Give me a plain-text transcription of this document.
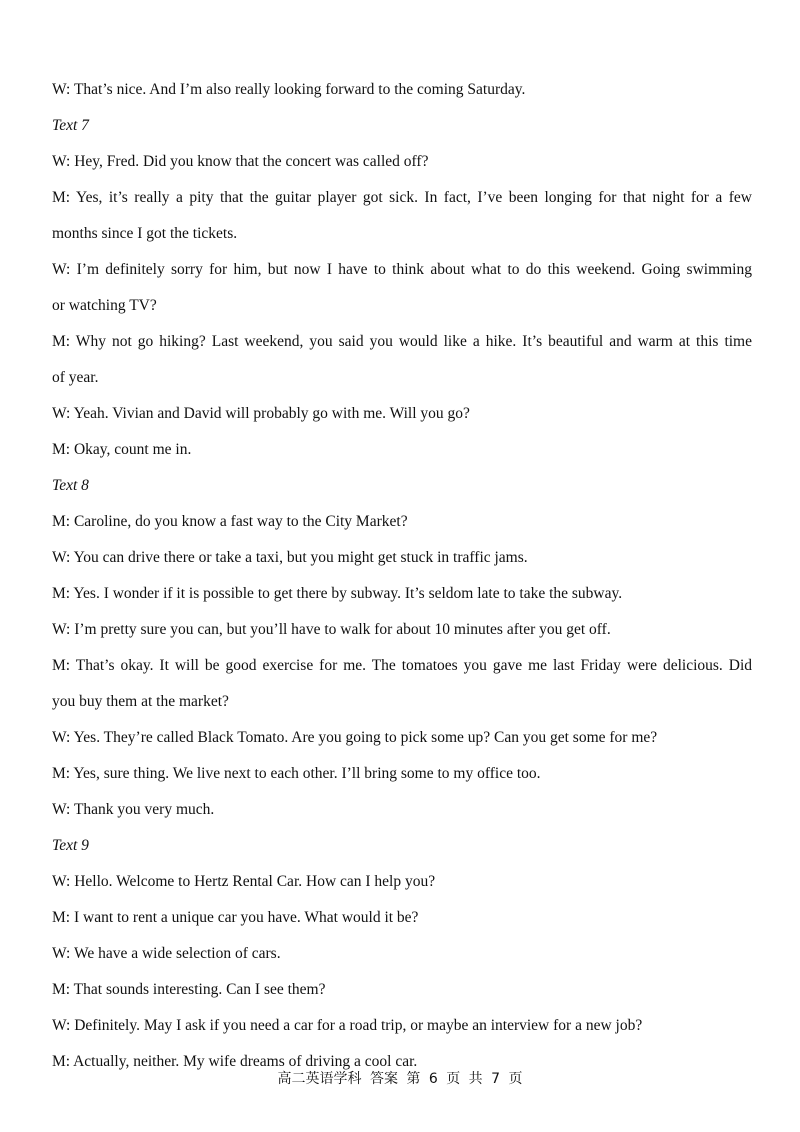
W: That’s nice. And I’m also really looking forward to the coming Saturday.
Text 7
W: Hey, Fred. Did you know that the concert was called off?
M: Yes, it’s really a pity that the guitar player got sick. In fact, I’ve been longing for that night for a few
months since I got the tickets.
W: I’m definitely sorry for him, but now I have to think about what to do this weekend. Going swimming
or watching TV?
M: Why not go hiking? Last weekend, you said you would like a hike. It’s beautiful and warm at this time
of year.
W: Yeah. Vivian and David will probably go with me. Will you go?
M: Okay, count me in.
Text 8
M: Caroline, do you know a fast way to the City Market?
W: You can drive there or take a taxi, but you might get stuck in traffic jams.
M: Yes. I wonder if it is possible to get there by subway. It’s seldom late to take the subway.
W: I’m pretty sure you can, but you’ll have to walk for about 10 minutes after you get off.
M: That’s okay. It will be good exercise for me. The tomatoes you gave me last Friday were delicious. Did
you buy them at the market?
W: Yes. They’re called Black Tomato. Are you going to pick some up? Can you get some for me?
M: Yes, sure thing. We live next to each other. I’ll bring some to my office too.
W: Thank you very much.
Text 9
W: Hello. Welcome to Hertz Rental Car. How can I help you?
M: I want to rent a unique car you have. What would it be?
W: We have a wide selection of cars.
M: That sounds interesting. Can I see them?
W: Definitely. May I ask if you need a car for a road trip, or maybe an interview for a new job?
M: Actually, neither. My wife dreams of driving a cool car.
高二英语学科 答案 第 6 页 共 7 页
